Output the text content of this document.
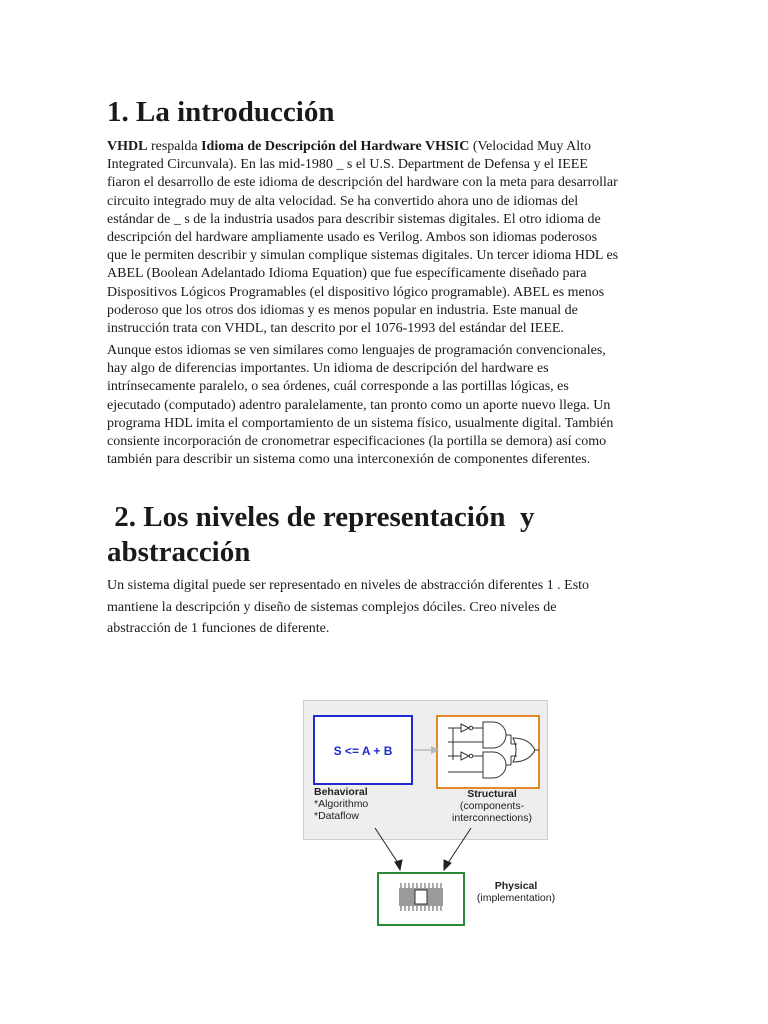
1. La introducción
VHDL respalda Idioma de Descripción del Hardware VHSIC (Velocidad Muy Alto
Integrated Circunvala). En las mid-1980 _ s el U.S. Department de Defensa y el IEEE
fiaron el desarrollo de este idioma de descripción del hardware con la meta para desarrollar
circuito integrado muy de alta velocidad. Se ha convertido ahora uno de idiomas del
estándar de _ s de la industria usados para describir sistemas digitales. El otro idioma de
descripción del hardware ampliamente usado es Verilog. Ambos son idiomas poderosos
que le permiten describir y simulan complique sistemas digitales. Un tercer idioma HDL es
ABEL (Boolean Adelantado Idioma Equation) que fue específicamente diseñado para
Dispositivos Lógicos Programables (el dispositivo lógico programable). ABEL es menos
poderoso que los otros dos idiomas y es menos popular en industria. Este manual de
instrucción trata con VHDL, tan descrito por el 1076-1993 del estándar del IEEE.
Aunque estos idiomas se ven similares como lenguajes de programación convencionales,
hay algo de diferencias importantes. Un idioma de descripción del hardware es
intrínsecamente paralelo, o sea órdenes, cuál corresponde a las portillas lógicas, es
ejecutado (computado) adentro paralelamente, tan pronto como un aporte nuevo llega. Un
programa HDL imita el comportamiento de un sistema físico, usualmente digital. También
consiente incorporación de cronometrar especificaciones (la portilla se demora) así como
también para describir un sistema como una interconexión de componentes diferentes.
2. Los niveles de representación  y
abstracción
Un sistema digital puede ser representado en niveles de abstracción diferentes 1 . Esto
mantiene la descripción y diseño de sistemas complejos dóciles. Creo niveles de
abstracción de 1 funciones de diferente.
S <= A + B
Behavioral
*Algorithmo
*Dataflow
Structural
(components-
interconnections)
Physical
(implementation)
